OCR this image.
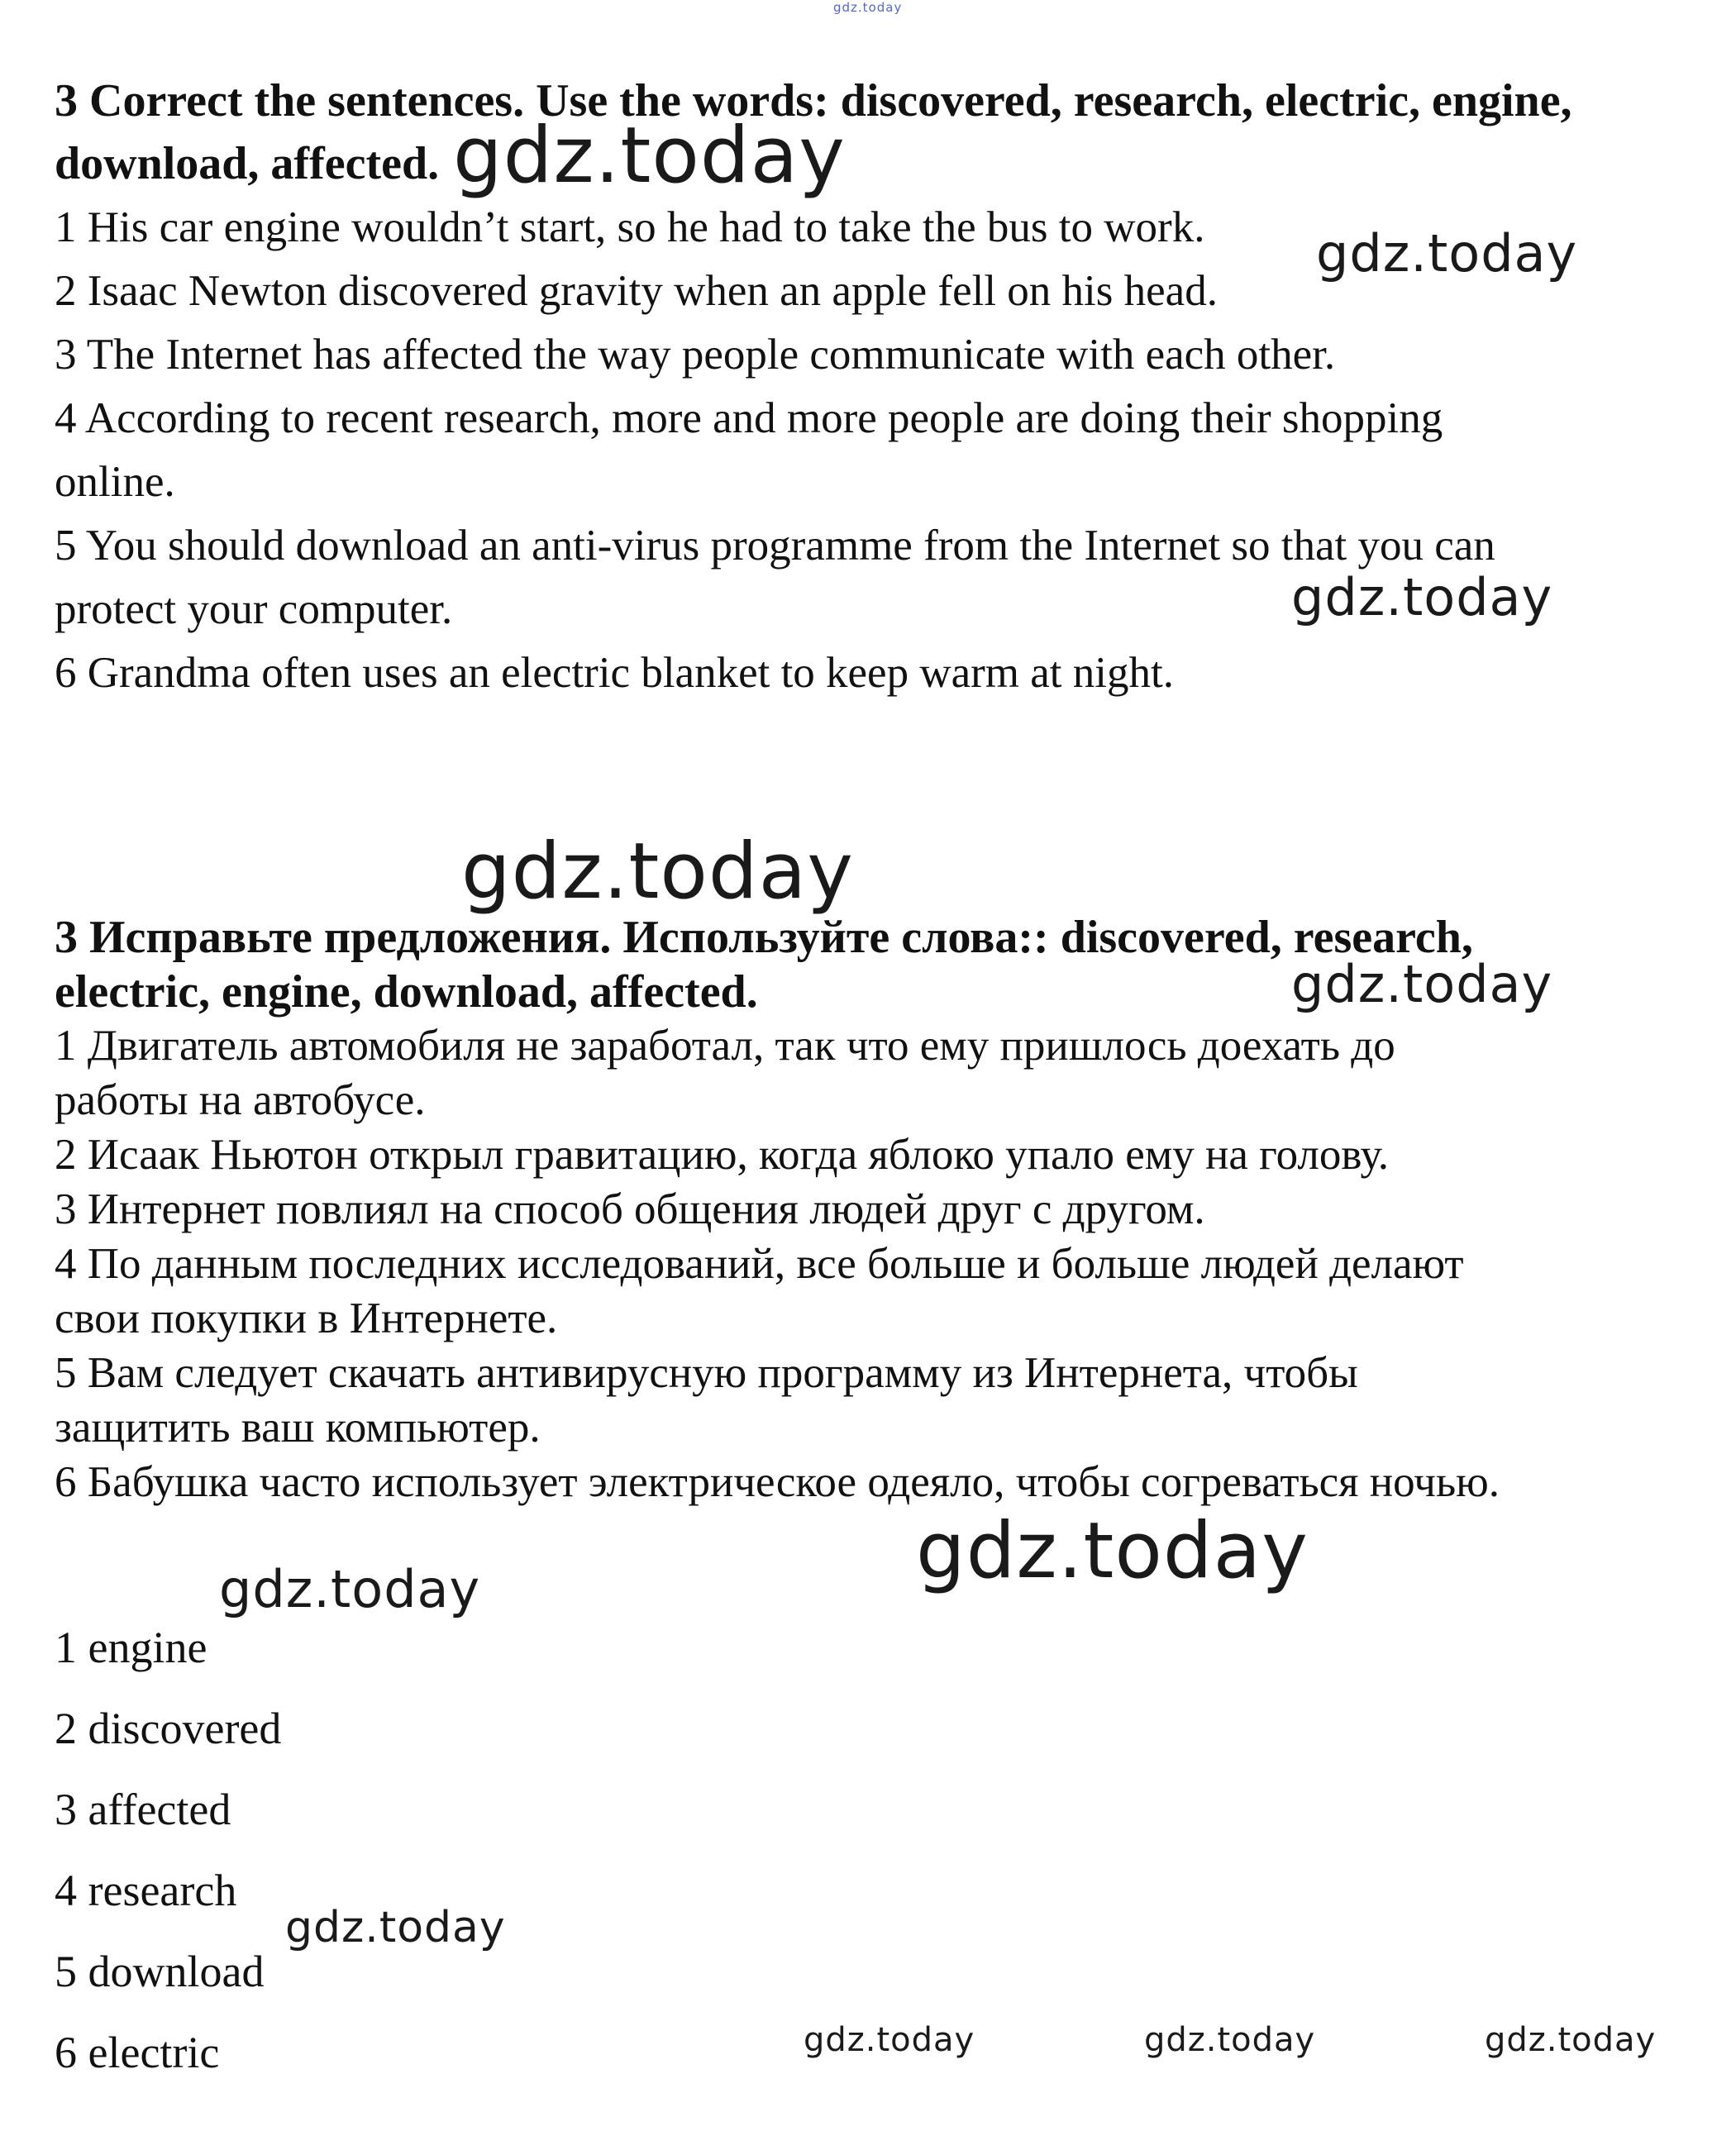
gdz.today
3 Correct the sentences. Use the words: discovered, research, electric, engine,
download, affected.
1 His car engine wouldn’t start, so he had to take the bus to work.
2 Isaac Newton discovered gravity when an apple fell on his head.
3 The Internet has affected the way people communicate with each other.
4 According to recent research, more and more people are doing their shopping
online.
5 You should download an anti-virus programme from the Internet so that you can
protect your computer.
6 Grandma often uses an electric blanket to keep warm at night.
3 Исправьте предложения. Используйте слова:: discovered, research,
electric, engine, download, affected.
1 Двигатель автомобиля не заработал, так что ему пришлось доехать до
работы на автобусе.
2 Исаак Ньютон открыл гравитацию, когда яблоко упало ему на голову.
3 Интернет повлиял на способ общения людей друг с другом.
4 По данным последних исследований, все больше и больше людей делают
свои покупки в Интернете.
5 Вам следует скачать антивирусную программу из Интернета, чтобы
защитить ваш компьютер.
6 Бабушка часто использует электрическое одеяло, чтобы согреваться ночью.
1 engine
2 discovered
3 affected
4 research
5 download
6 electric
gdz.today
gdz.today
gdz.today
gdz.today
gdz.today
gdz.today
gdz.today
gdz.today
gdz.today	gdz.today	gdz.today
